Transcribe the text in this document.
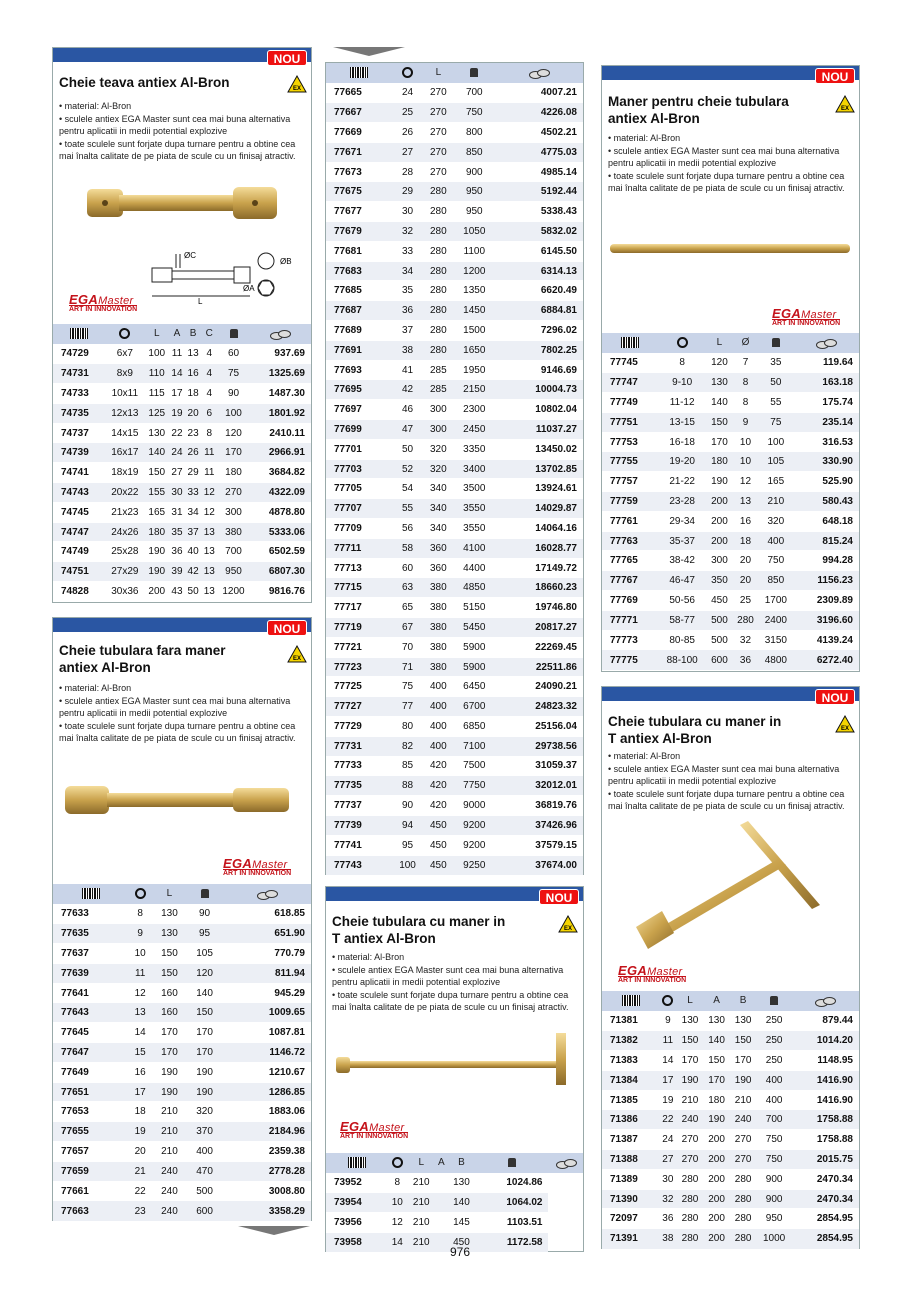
NOU
Cheie teava antiex Al-Bron	EX
• material: Al-Bron
• sculele antiex EGA Master sunt cea mai buna alternativa
pentru aplicatii in medii potential explozive
• toate sculele sunt forjate dupa turnare pentru a obtine cea
mai înalta calitate de pe piata de scule cu un finisaj atractiv.
ØC
ØB
ØA
L
EGAMaster
ART IN INNOVATION
		L	A	B	C		
74729	6x7	100	11	13	4	60	937.69
74731	8x9	110	14	16	4	75	1325.69
74733	10x11	115	17	18	4	90	1487.30
74735	12x13	125	19	20	6	100	1801.92
74737	14x15	130	22	23	8	120	2410.11
74739	16x17	140	24	26	11	170	2966.91
74741	18x19	150	27	29	11	180	3684.82
74743	20x22	155	30	33	12	270	4322.09
74745	21x23	165	31	34	12	300	4878.80
74747	24x26	180	35	37	13	380	5333.06
74749	25x28	190	36	40	13	700	6502.59
74751	27x29	190	39	42	13	950	6807.30
74828	30x36	200	43	50	13	1200	9816.76
NOU
Cheie tubulara fara maner
antiex Al-Bron
EX
• material: Al-Bron
• sculele antiex EGA Master sunt cea mai buna alternativa
pentru aplicatii in medii potential explozive
• toate sculele sunt forjate dupa turnare pentru a obtine cea
mai înalta calitate de pe piata de scule cu un finisaj atractiv.
EGAMaster
ART IN INNOVATION
		L		
77633	8	130	90	618.85
77635	9	130	95	651.90
77637	10	150	105	770.79
77639	11	150	120	811.94
77641	12	160	140	945.29
77643	13	160	150	1009.65
77645	14	170	170	1087.81
77647	15	170	170	1146.72
77649	16	190	190	1210.67
77651	17	190	190	1286.85
77653	18	210	320	1883.06
77655	19	210	370	2184.96
77657	20	210	400	2359.38
77659	21	240	470	2778.28
77661	22	240	500	3008.80
77663	23	240	600	3358.29
		L		
77665	24	270	700	4007.21
77667	25	270	750	4226.08
77669	26	270	800	4502.21
77671	27	270	850	4775.03
77673	28	270	900	4985.14
77675	29	280	950	5192.44
77677	30	280	950	5338.43
77679	32	280	1050	5832.02
77681	33	280	1100	6145.50
77683	34	280	1200	6314.13
77685	35	280	1350	6620.49
77687	36	280	1450	6884.81
77689	37	280	1500	7296.02
77691	38	280	1650	7802.25
77693	41	285	1950	9146.69
77695	42	285	2150	10004.73
77697	46	300	2300	10802.04
77699	47	300	2450	11037.27
77701	50	320	3350	13450.02
77703	52	320	3400	13702.85
77705	54	340	3500	13924.61
77707	55	340	3550	14029.87
77709	56	340	3550	14064.16
77711	58	360	4100	16028.77
77713	60	360	4400	17149.72
77715	63	380	4850	18660.23
77717	65	380	5150	19746.80
77719	67	380	5450	20817.27
77721	70	380	5900	22269.45
77723	71	380	5900	22511.86
77725	75	400	6450	24090.21
77727	77	400	6700	24823.32
77729	80	400	6850	25156.04
77731	82	400	7100	29738.56
77733	85	420	7500	31059.37
77735	88	420	7750	32012.01
77737	90	420	9000	36819.76
77739	94	450	9200	37426.96
77741	95	450	9200	37579.15
77743	100	450	9250	37674.00
NOU
Cheie tubulara cu maner in
T antiex Al-Bron
EX
• material: Al-Bron
• sculele antiex EGA Master sunt cea mai buna alternativa
pentru aplicatii in medii potential explozive
• toate sculele sunt forjate dupa turnare pentru a obtine cea
mai înalta calitate de pe piata de scule cu un finisaj atractiv.
EGAMaster
ART IN INNOVATION
		L	A	B		
73952	8	210		130	1024.86	
73954	10	210		140	1064.02	
73956	12	210		145	1103.51	
73958	14	210		450	1172.58	
NOU
Maner pentru cheie tubulara
antiex Al-Bron
EX
• material: Al-Bron
• sculele antiex EGA Master sunt cea mai buna alternativa
pentru aplicatii in medii potential explozive
• toate sculele sunt forjate dupa turnare pentru a obtine cea
mai înalta calitate de pe piata de scule cu un finisaj atractiv.
EGAMaster
ART IN INNOVATION
		L	Ø		
77745	8	120	7	35	119.64
77747	9-10	130	8	50	163.18
77749	11-12	140	8	55	175.74
77751	13-15	150	9	75	235.14
77753	16-18	170	10	100	316.53
77755	19-20	180	10	105	330.90
77757	21-22	190	12	165	525.90
77759	23-28	200	13	210	580.43
77761	29-34	200	16	320	648.18
77763	35-37	200	18	400	815.24
77765	38-42	300	20	750	994.28
77767	46-47	350	20	850	1156.23
77769	50-56	450	25	1700	2309.89
77771	58-77	500	280	2400	3196.60
77773	80-85	500	32	3150	4139.24
77775	88-100	600	36	4800	6272.40
NOU
Cheie tubulara cu maner in
T antiex Al-Bron
EX
• material: Al-Bron
• sculele antiex EGA Master sunt cea mai buna alternativa
pentru aplicatii in medii potential explozive
• toate sculele sunt forjate dupa turnare pentru a obtine cea
mai înalta calitate de pe piata de scule cu un finisaj atractiv.
EGAMaster
ART IN INNOVATION
		L	A	B		
71381	9	130	130	130	250	879.44
71382	11	150	140	150	250	1014.20
71383	14	170	150	170	250	1148.95
71384	17	190	170	190	400	1416.90
71385	19	210	180	210	400	1416.90
71386	22	240	190	240	700	1758.88
71387	24	270	200	270	750	1758.88
71388	27	270	200	270	750	2015.75
71389	30	280	200	280	900	2470.34
71390	32	280	200	280	900	2470.34
72097	36	280	200	280	950	2854.95
71391	38	280	200	280	1000	2854.95
976
